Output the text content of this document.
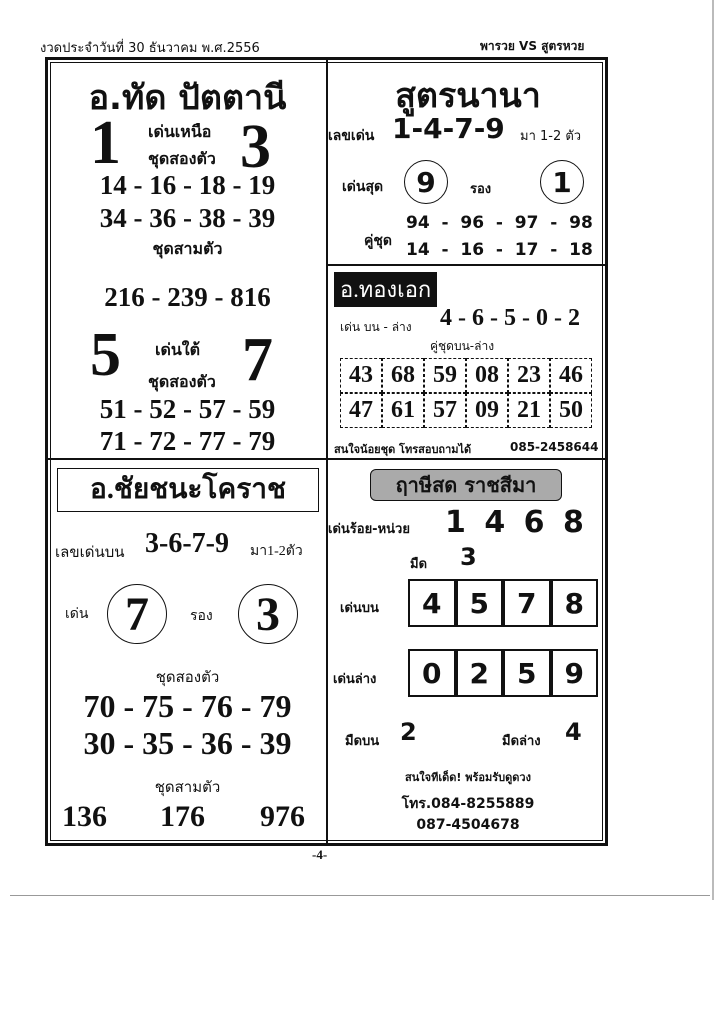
งวดประจำวันที่ 30 ธันวาคม พ.ศ.2556	พารวย VS สูตรหวย
อ.ทัด ปัตตานี
1 3
เด่นเหนือ
ชุดสองตัว
14 - 16 - 18 - 19
34 - 36 - 38 - 39
ชุดสามตัว
216 - 239 - 816
5 7
เด่นใต้
ชุดสองตัว
51 - 52 - 57 - 59
71 - 72 - 77 - 79
สูตรนานา
เลขเด่น 1-4-7-9 มา 1-2 ตัว
เด่นสุด	9	รอง	1
คู่ชุด
94  -  96  -  97  -  98
14  -  16  -  17  -  18
อ.ทองเอก
เด่น บน - ล่าง 4 - 6 - 5 - 0 - 2
คู่ชุดบน-ล่าง
43 68 59 08 23 46
47 61 57 09 21 50
สนใจน้อยชุด โทรสอบถามได้	085-2458644
ฤาษีสด ราชสีมา
เด่นร้อย-หน่วย 1 4 6 8
มืด 3
เด่นบน	4	5	7	8
เด่นล่าง	0	2	5	9
มืดบน 2	มืดล่าง 4
สนใจทีเด็ด! พร้อมรับดูดวง
โทร.084-8255889
087-4504678
อ.ชัยชนะโคราช
เลขเด่นบน 3-6-7-9 มา1-2ตัว
เด่น 7	รอง 3
ชุดสองตัว
70 - 75 - 76 - 79
30 - 35 - 36 - 39
ชุดสามตัว
136 176 976
-4-
